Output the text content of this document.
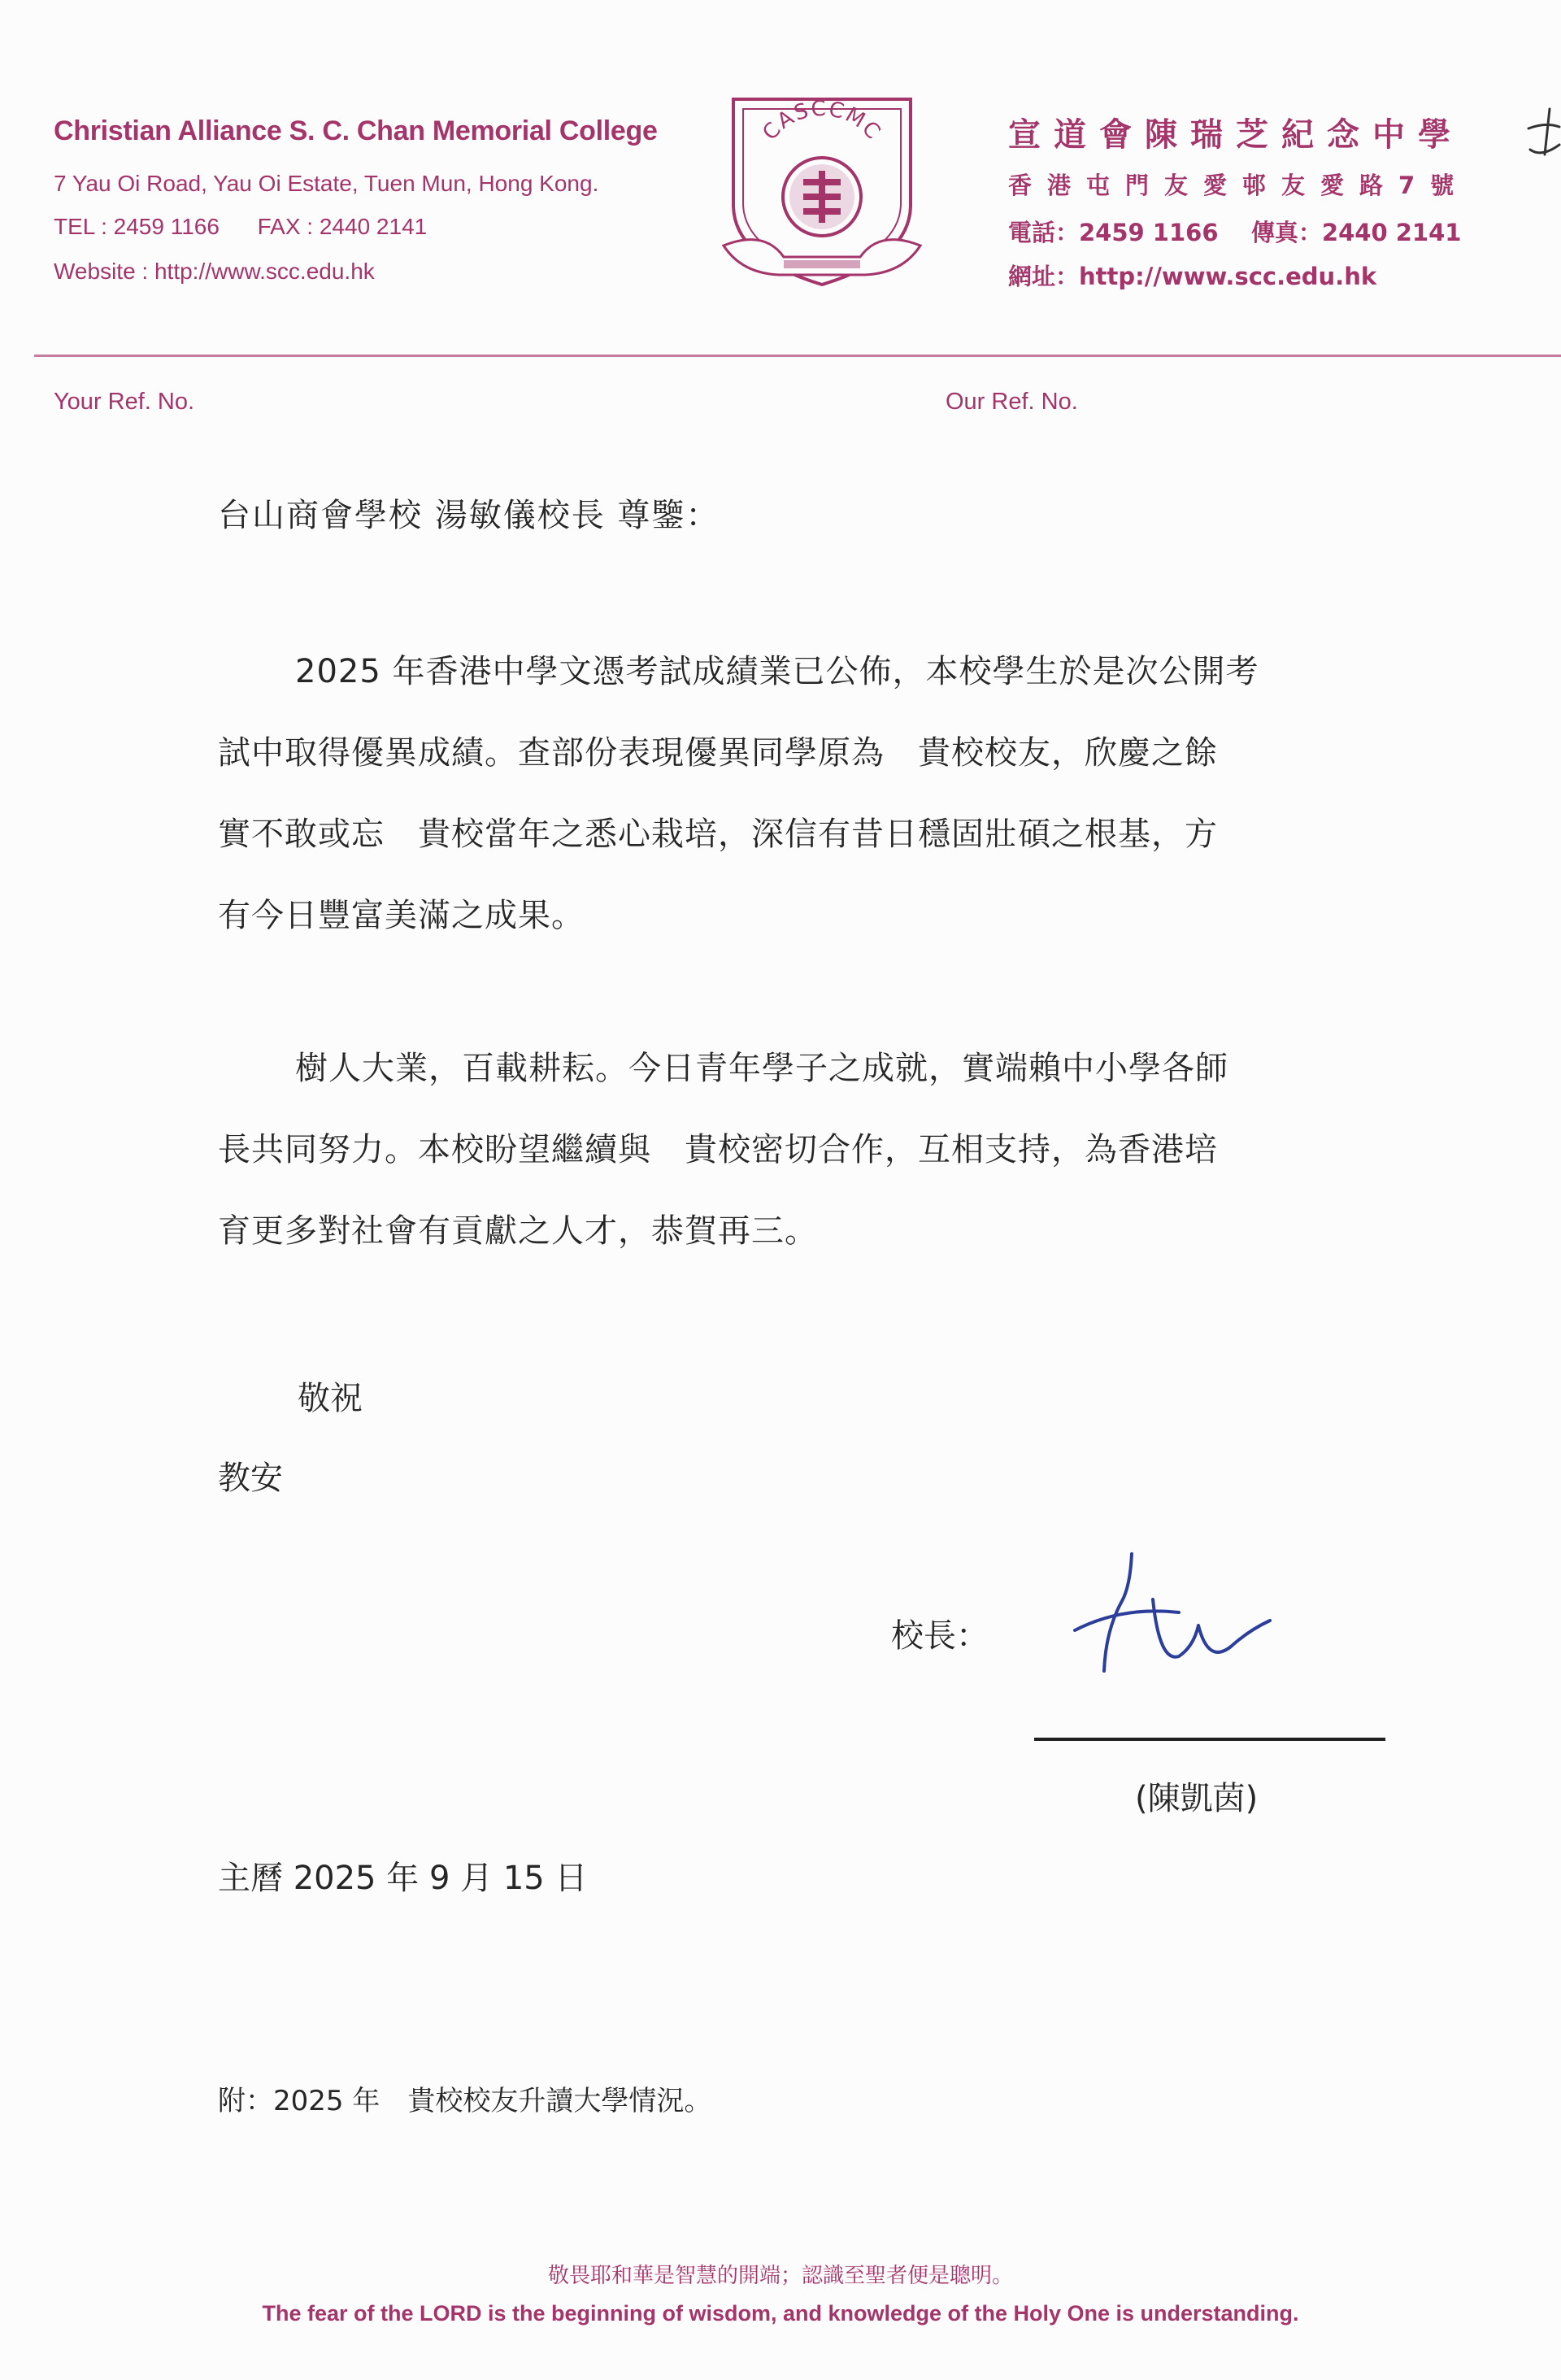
Christian Alliance S. C. Chan Memorial College
7 Yau Oi Road, Yau Oi Estate, Tuen Mun, Hong Kong.
TEL : 2459 1166      FAX : 2440 2141
Website : http://www.scc.edu.hk
CASCCMC	宣道會陳瑞芝紀念中學
香港屯門友愛邨友愛路7號
電話：2459 1166    傳真：2440 2141
網址：http://www.scc.edu.hk
Your Ref. No.	Our Ref. No.
台山商會學校 湯敏儀校長 尊鑒：

2025 年香港中學文憑考試成績業已公佈，本校學生於是次公開考
試中取得優異成績。查部份表現優異同學原為　貴校校友，欣慶之餘
實不敢或忘　貴校當年之悉心栽培，深信有昔日穩固壯碩之根基，方
有今日豐富美滿之成果。

樹人大業，百載耕耘。今日青年學子之成就，實端賴中小學各師
長共同努力。本校盼望繼續與　貴校密切合作，互相支持，為香港培
育更多對社會有貢獻之人才，恭賀再三。

敬祝
教安
校長：
(陳凱茵)
主曆 2025 年 9 月 15 日
附：2025 年　貴校校友升讀大學情況。
敬畏耶和華是智慧的開端；認識至聖者便是聰明。
The fear of the LORD is the beginning of wisdom, and knowledge of the Holy One is understanding.
